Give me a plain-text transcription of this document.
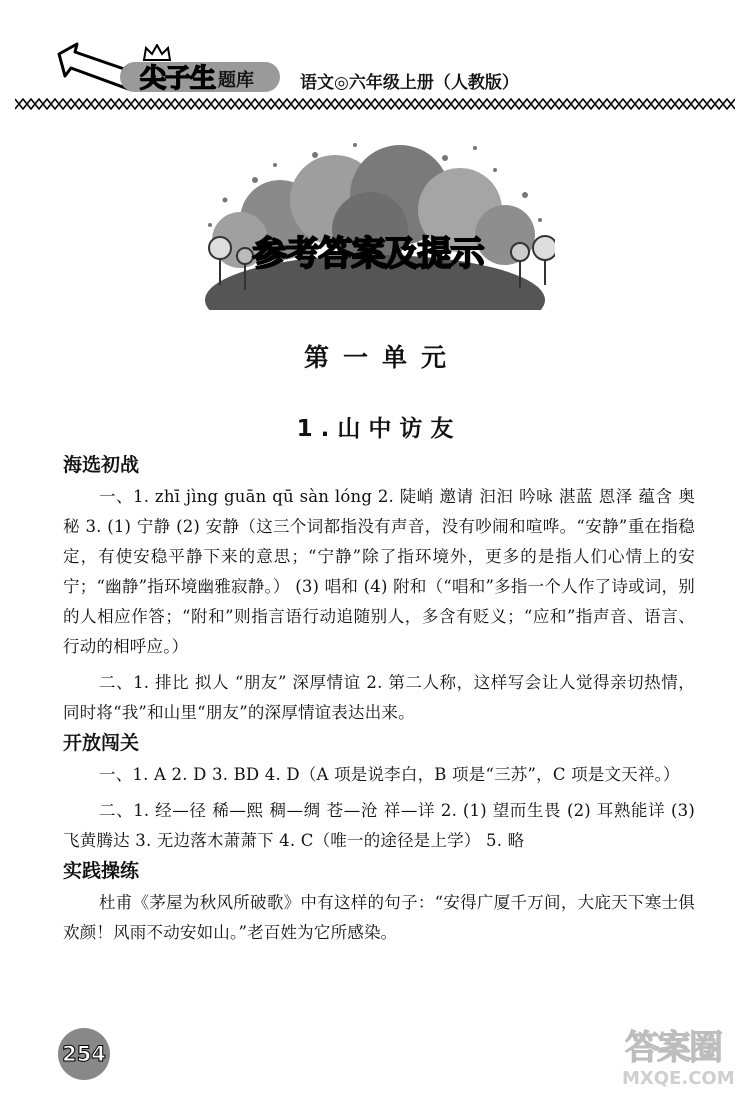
尖子生 题库	语文◎六年级上册（人教版）
参考答案及提示
第一单元
1.山中访友
海选初战

一、1. zhī jìng guān qū sàn lóng 2. 陡峭 邀请 汩汩 吟咏 湛蓝 恩泽 蕴含 奥秘 3. (1) 宁静 (2) 安静（这三个词都指没有声音，没有吵闹和喧哗。“安静”重在指稳定，有使安稳平静下来的意思；“宁静”除了指环境外，更多的是指人们心情上的安宁；“幽静”指环境幽雅寂静。） (3) 唱和 (4) 附和（“唱和”多指一个人作了诗或词，别的人相应作答；“附和”则指言语行动追随别人，多含有贬义；“应和”指声音、语言、行动的相呼应。）

二、1. 排比 拟人 “朋友” 深厚情谊 2. 第二人称，这样写会让人觉得亲切热情，同时将“我”和山里“朋友”的深厚情谊表达出来。

开放闯关

一、1. A 2. D 3. BD 4. D（A 项是说李白，B 项是“三苏”，C 项是文天祥。）

二、1. 经—径 稀—熙 稠—绸 苍—沧 祥—详 2. (1) 望而生畏 (2) 耳熟能详 (3) 飞黄腾达 3. 无边落木萧萧下 4. C（唯一的途径是上学） 5. 略

实践操练

杜甫《茅屋为秋风所破歌》中有这样的句子：“安得广厦千万间，大庇天下寒士俱欢颜！风雨不动安如山。”老百姓为它所感染。

254	答案圈
MXQE.COM
